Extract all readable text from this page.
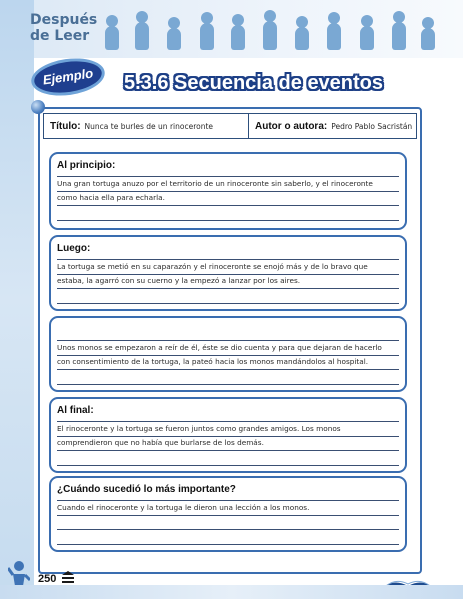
Después de Leer
Ejemplo	5.3.6 Secuencia de eventos
Título: Nunca te burles de un rinoceronte	Autor o autora: Pedro Pablo Sacristán
Al principio:
Una gran tortuga anuzo por el territorio de un rinoceronte sin saberlo, y el rinoceronte
como hacia ella para echarla.
Luego:
La tortuga se metió en su caparazón y el rinoceronte se enojó más y de lo bravo que
estaba, la agarró con su cuerno y la empezó a lanzar por los aires.
Unos monos se empezaron a reír de él, éste se dio cuenta y para que dejaran de hacerlo
con consentimiento de la tortuga, la pateó hacia los monos mandándolos al hospital.
Al final:
El rinoceronte y la tortuga se fueron juntos como grandes amigos. Los monos
comprendieron que no había que burlarse de los demás.
¿Cuándo sucedió lo más importante?
Cuando el rinoceronte y la tortuga le dieron una lección a los monos.
250
